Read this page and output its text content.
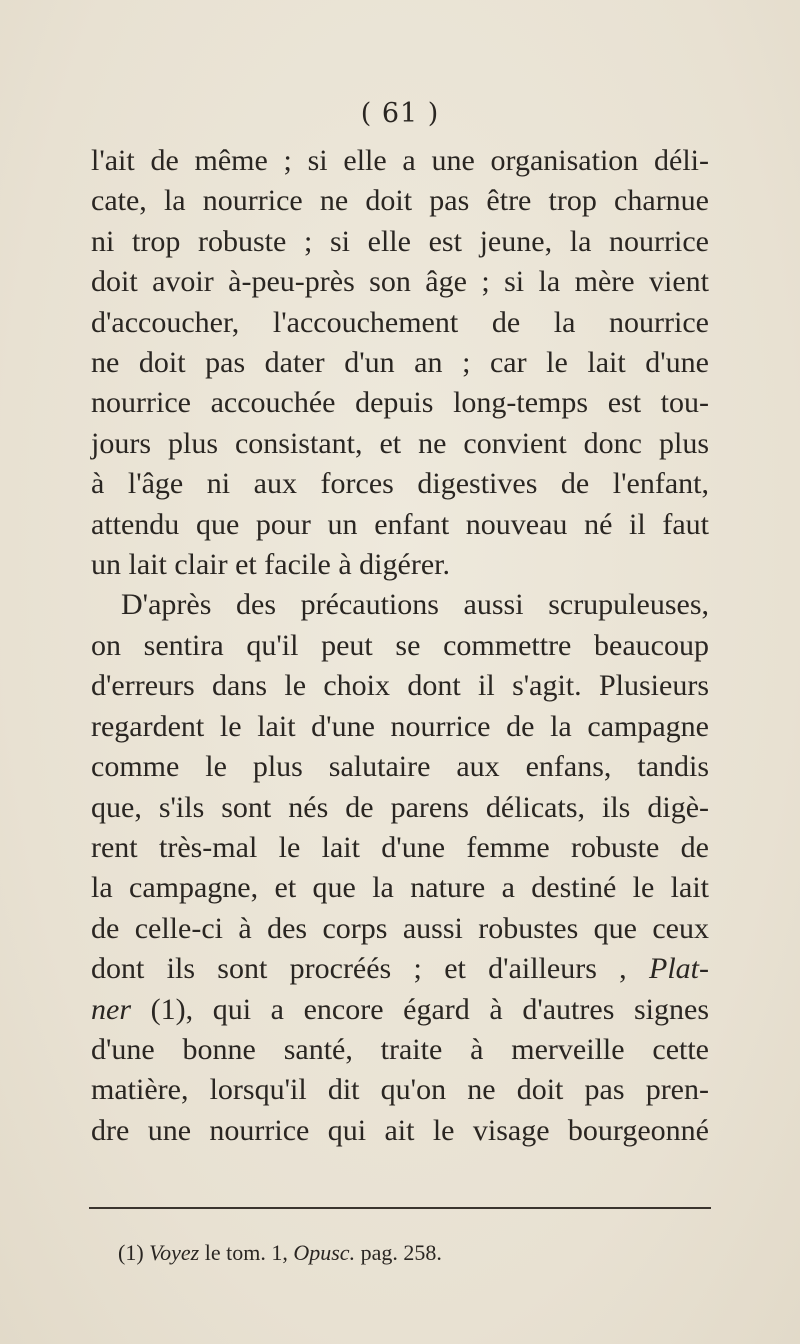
( 61 )
l'ait de même ; si elle a une organisation déli-
cate, la nourrice ne doit pas être trop charnue
ni trop robuste ; si elle est jeune, la nourrice
doit avoir à-peu-près son âge ; si la mère vient
d'accoucher, l'accouchement de la nourrice
ne doit pas dater d'un an ; car le lait d'une
nourrice accouchée depuis long-temps est tou-
jours plus consistant, et ne convient donc plus
à l'âge ni aux forces digestives de l'enfant,
attendu que pour un enfant nouveau né il faut
un lait clair et facile à digérer.
D'après des précautions aussi scrupuleuses,
on sentira qu'il peut se commettre beaucoup
d'erreurs dans le choix dont il s'agit. Plusieurs
regardent le lait d'une nourrice de la campagne
comme le plus salutaire aux enfans, tandis
que, s'ils sont nés de parens délicats, ils digè-
rent très-mal le lait d'une femme robuste de
la campagne, et que la nature a destiné le lait
de celle-ci à des corps aussi robustes que ceux
dont ils sont procréés ; et d'ailleurs , Plat-
ner (1), qui a encore égard à d'autres signes
d'une bonne santé, traite à merveille cette
matière, lorsqu'il dit qu'on ne doit pas pren-
dre une nourrice qui ait le visage bourgeonné
(1) Voyez le tom. 1, Opusc. pag. 258.
